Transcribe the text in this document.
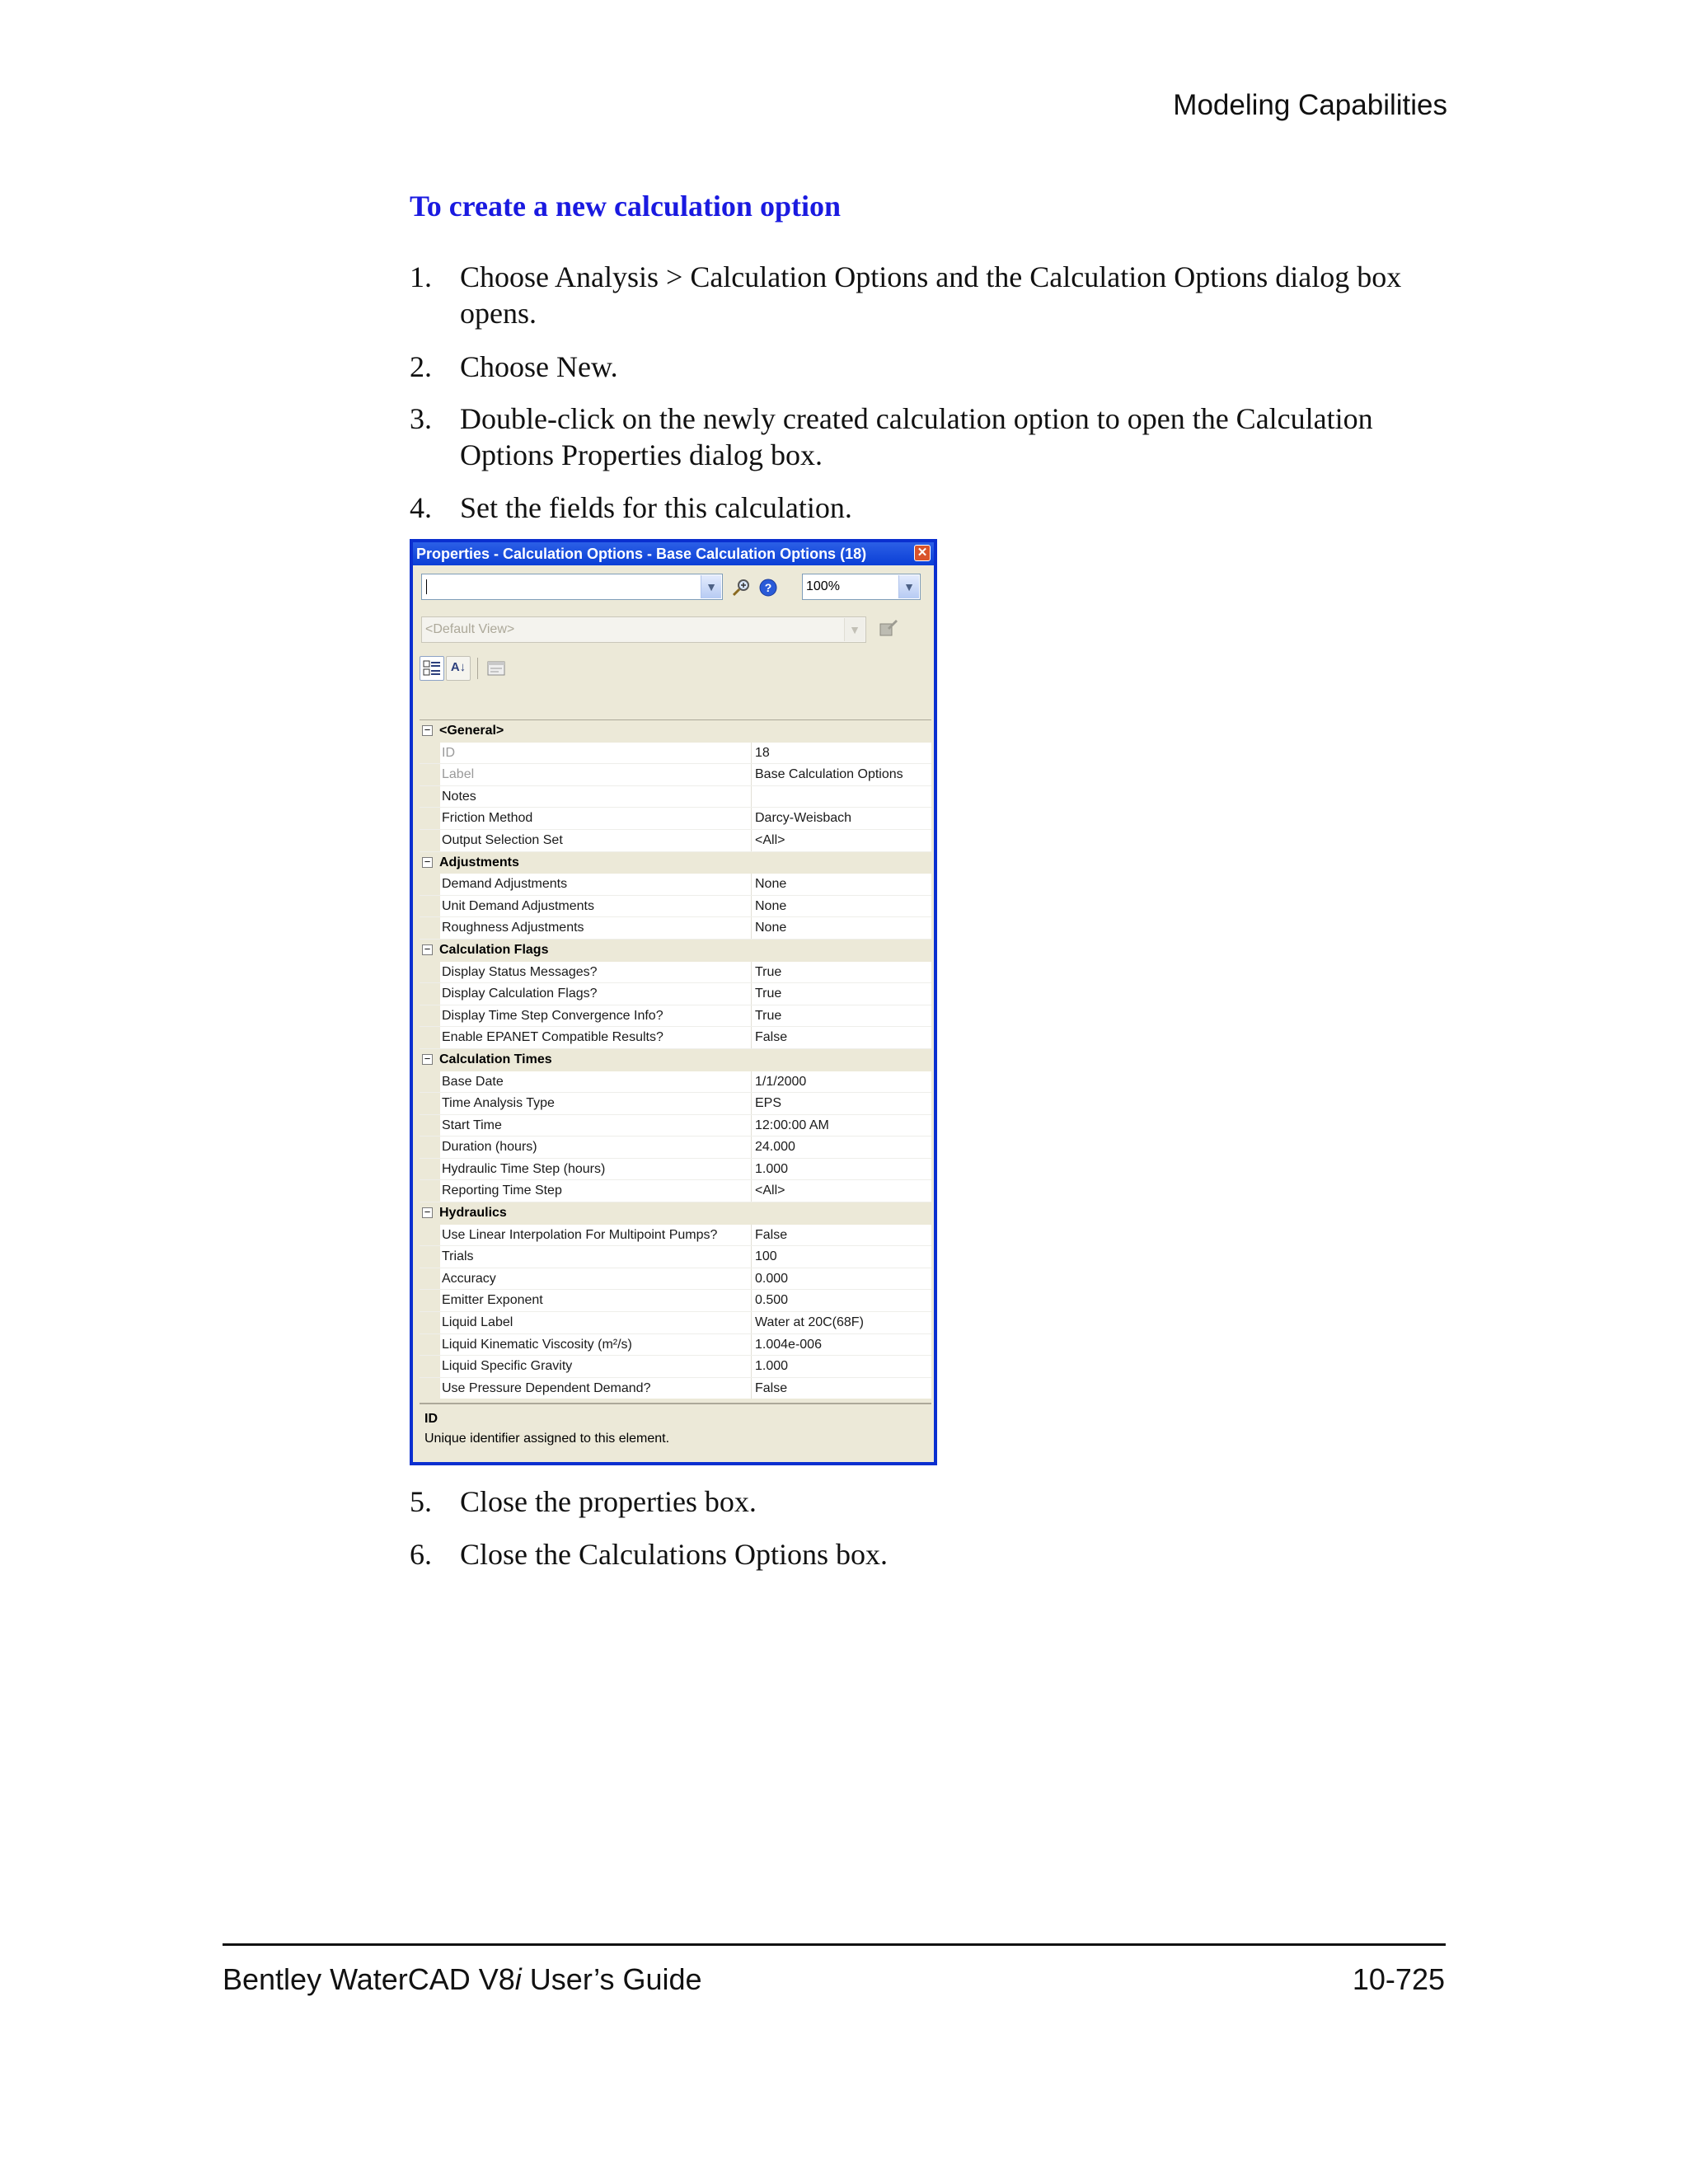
Modeling Capabilities
To create a new calculation option
1. Choose Analysis > Calculation Options and the Calculation Options dialog box opens.
2. Choose New.
3. Double-click on the newly created calculation option to open the Calculation Options Properties dialog box.
4. Set the fields for this calculation.
5. Close the properties box.
6. Close the Calculations Options box.
Properties - Calculation Options - Base Calculation Options (18)	✕
▼	?	100%	▼
<Default View>	▼
A↓
− <General>
ID	18
Label	Base Calculation Options
Notes
Friction Method	Darcy-Weisbach
Output Selection Set	<All>
− Adjustments
Demand Adjustments	None
Unit Demand Adjustments	None
Roughness Adjustments	None
− Calculation Flags
Display Status Messages?	True
Display Calculation Flags?	True
Display Time Step Convergence Info?	True
Enable EPANET Compatible Results?	False
− Calculation Times
Base Date	1/1/2000
Time Analysis Type	EPS
Start Time	12:00:00 AM
Duration (hours)	24.000
Hydraulic Time Step (hours)	1.000
Reporting Time Step	<All>
− Hydraulics
Use Linear Interpolation For Multipoint Pumps?	False
Trials	100
Accuracy	0.000
Emitter Exponent	0.500
Liquid Label	Water at 20C(68F)
Liquid Kinematic Viscosity (m²/s)	1.004e-006
Liquid Specific Gravity	1.000
Use Pressure Dependent Demand?	False
ID
Unique identifier assigned to this element.
Bentley WaterCAD V8i User’s Guide	10-725
